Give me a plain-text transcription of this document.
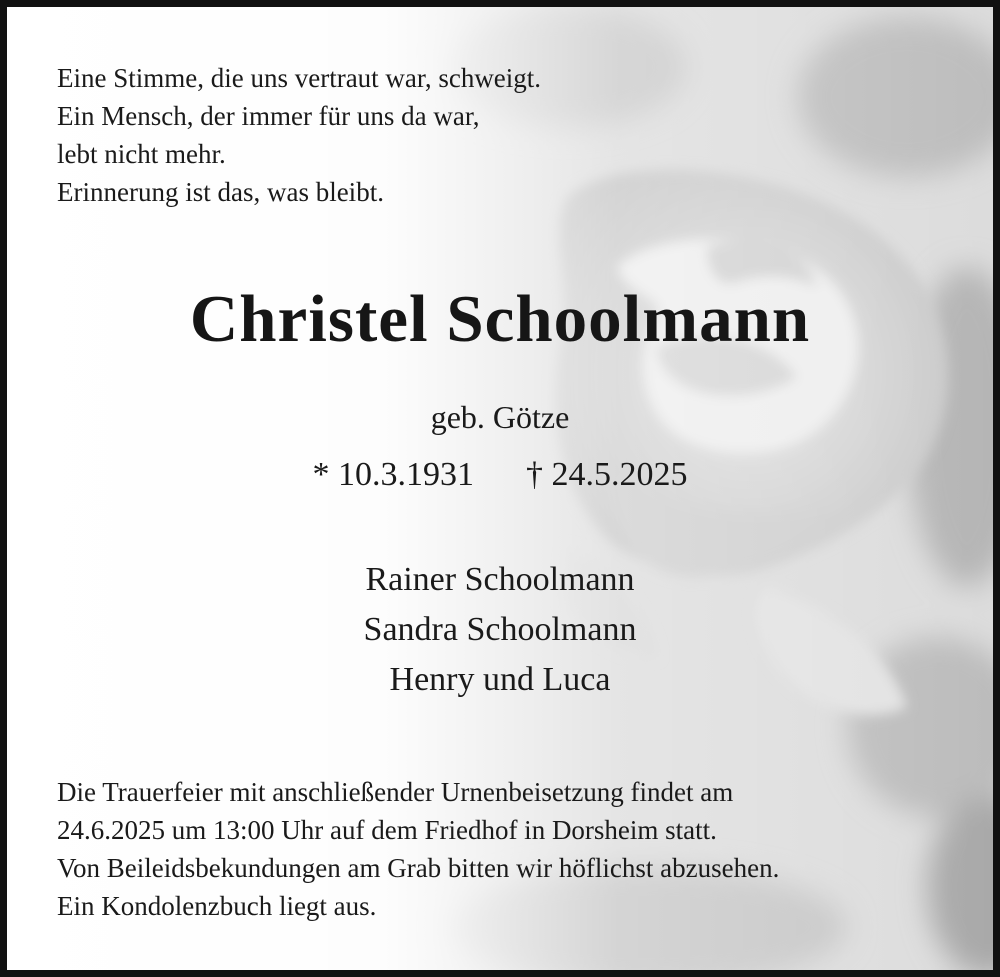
Eine Stimme, die uns vertraut war, schweigt.
Ein Mensch, der immer für uns da war,
lebt nicht mehr.
Erinnerung ist das, was bleibt.
Christel Schoolmann
geb. Götze
* 10.3.1931 † 24.5.2025
Rainer Schoolmann
Sandra Schoolmann
Henry und Luca
Die Trauerfeier mit anschließender Urnenbeisetzung findet am
24.6.2025 um 13:00 Uhr auf dem Friedhof in Dorsheim statt.
Von Beileidsbekundungen am Grab bitten wir höflichst abzusehen.
Ein Kondolenzbuch liegt aus.
